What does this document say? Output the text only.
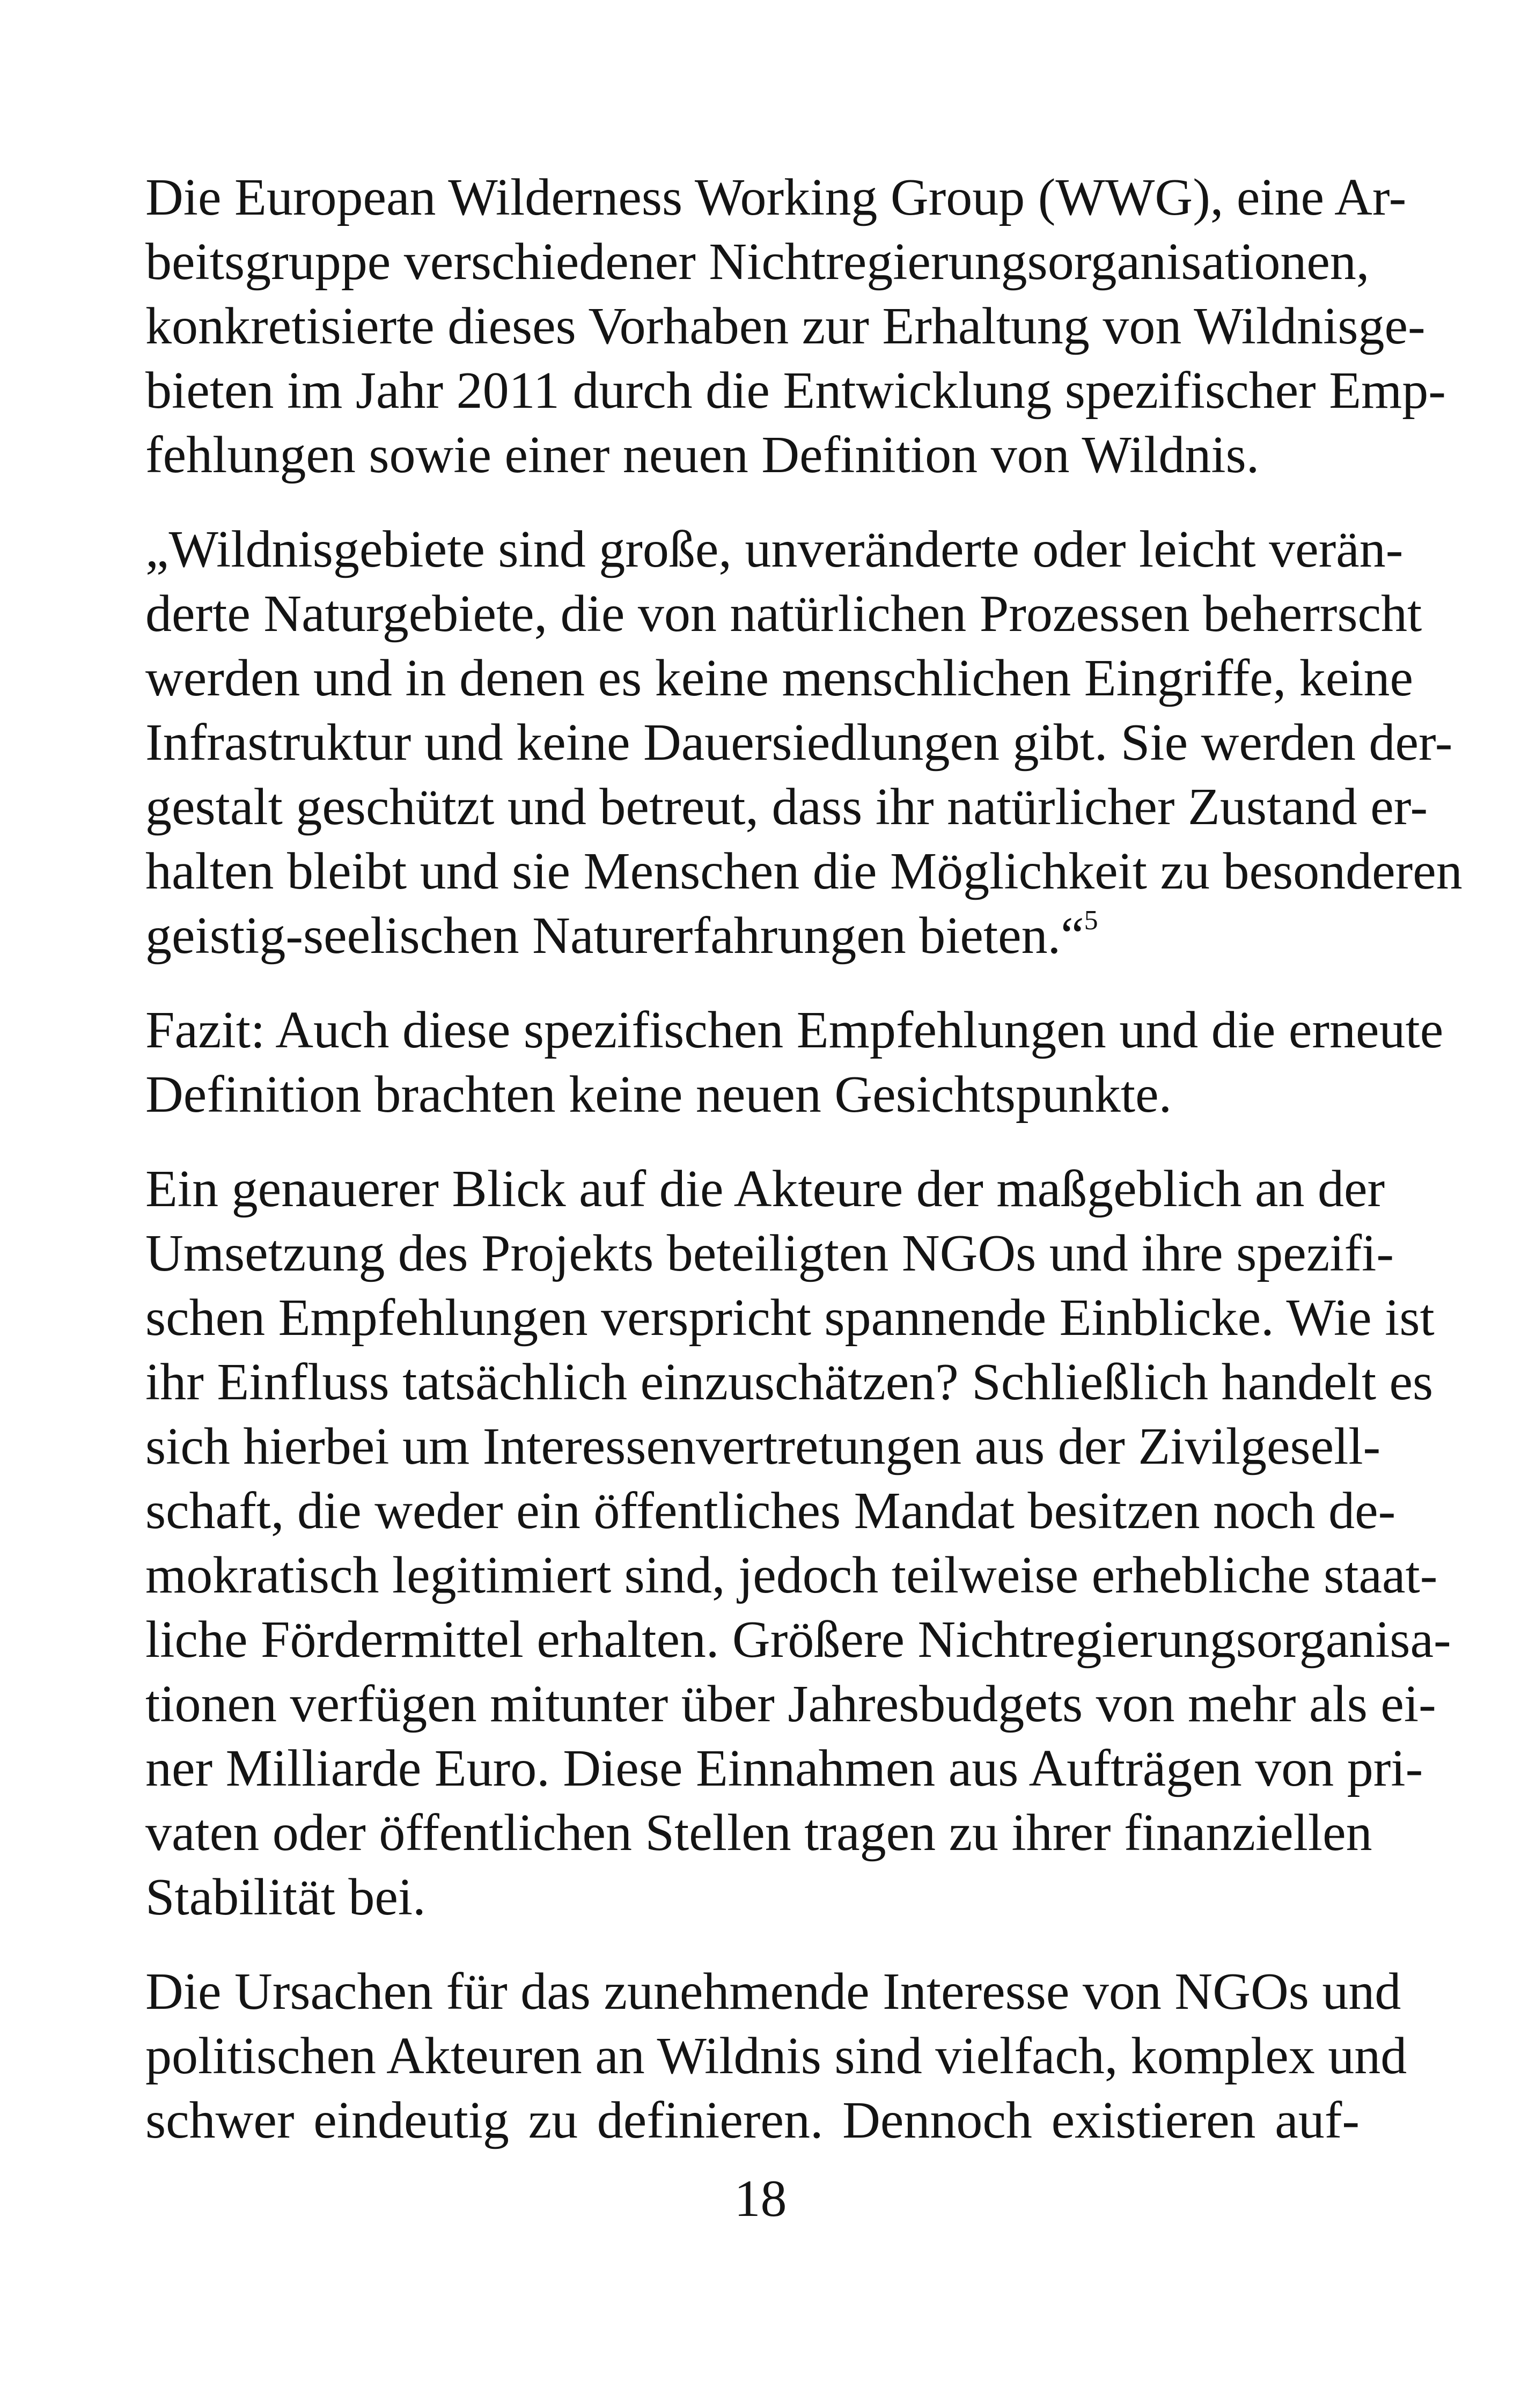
Die European Wilderness Working Group (WWG), eine Ar-
beitsgruppe verschiedener Nichtregierungsorganisationen,
konkretisierte dieses Vorhaben zur Erhaltung von Wildnisge-
bieten im Jahr 2011 durch die Entwicklung spezifischer Emp-
fehlungen sowie einer neuen Definition von Wildnis.

„Wildnisgebiete sind große, unveränderte oder leicht verän-
derte Naturgebiete, die von natürlichen Prozessen beherrscht
werden und in denen es keine menschlichen Eingriffe, keine
Infrastruktur und keine Dauersiedlungen gibt. Sie werden der-
gestalt geschützt und betreut, dass ihr natürlicher Zustand er-
halten bleibt und sie Menschen die Möglichkeit zu besonderen
geistig-seelischen Naturerfahrungen bieten.“$^5$

Fazit: Auch diese spezifischen Empfehlungen und die erneute
Definition brachten keine neuen Gesichtspunkte.

Ein genauerer Blick auf die Akteure der maßgeblich an der
Umsetzung des Projekts beteiligten NGOs und ihre spezifi-
schen Empfehlungen verspricht spannende Einblicke. Wie ist
ihr Einfluss tatsächlich einzuschätzen? Schließlich handelt es
sich hierbei um Interessenvertretungen aus der Zivilgesell-
schaft, die weder ein öffentliches Mandat besitzen noch de-
mokratisch legitimiert sind, jedoch teilweise erhebliche staat-
liche Fördermittel erhalten. Größere Nichtregierungsorganisa-
tionen verfügen mitunter über Jahresbudgets von mehr als ei-
ner Milliarde Euro. Diese Einnahmen aus Aufträgen von pri-
vaten oder öffentlichen Stellen tragen zu ihrer finanziellen
Stabilität bei.

Die Ursachen für das zunehmende Interesse von NGOs und
politischen Akteuren an Wildnis sind vielfach, komplex und
schwer eindeutig zu definieren. Dennoch existieren auf-

18
